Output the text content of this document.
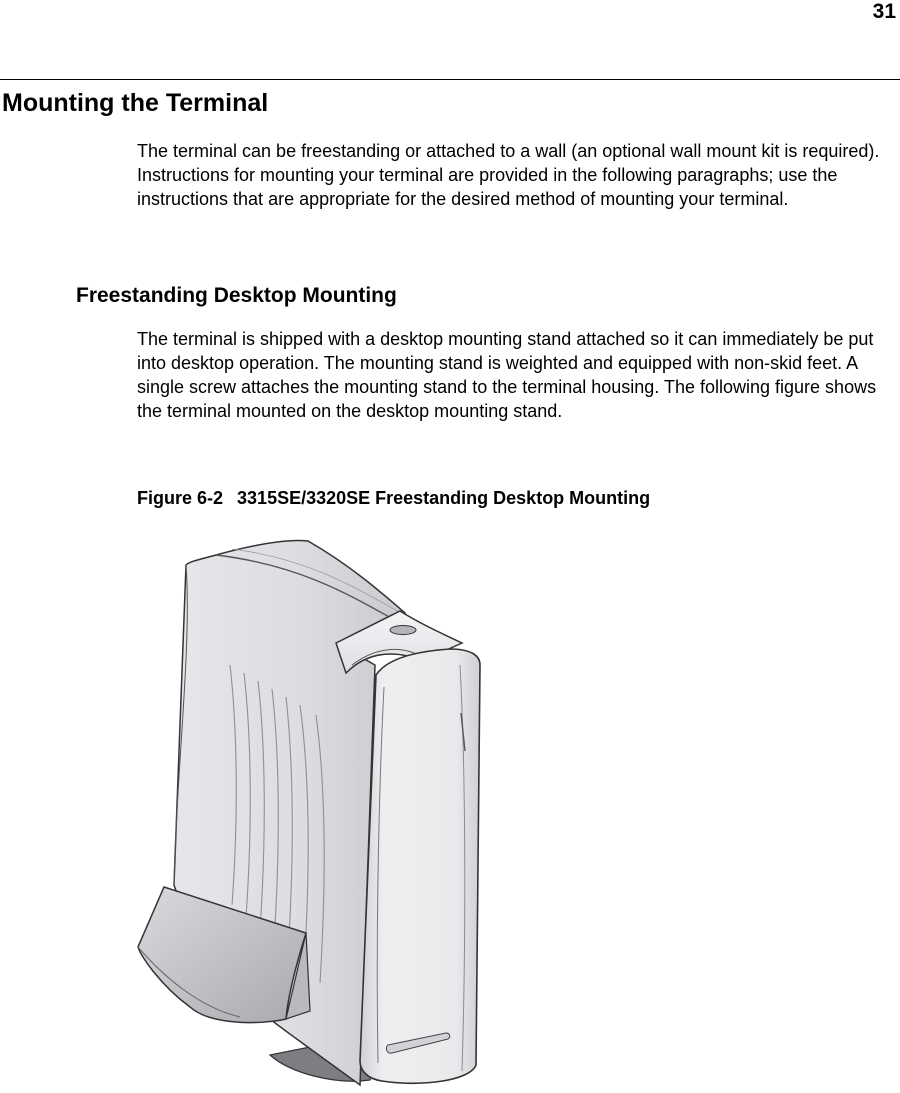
31
Mounting the Terminal

The terminal can be freestanding or attached to a wall (an optional wall mount kit is required). Instructions for mounting your terminal are provided in the following paragraphs; use the instructions that are appropriate for the desired method of mounting your terminal.

Freestanding Desktop Mounting

The terminal is shipped with a desktop mounting stand attached so it can immediately be put into desktop operation. The mounting stand is weighted and equipped with non-skid feet. A single screw attaches the mounting stand to the terminal housing. The following figure shows the terminal mounted on the desktop mounting stand.

Figure 6-2 3315SE/3320SE Freestanding Desktop Mounting
